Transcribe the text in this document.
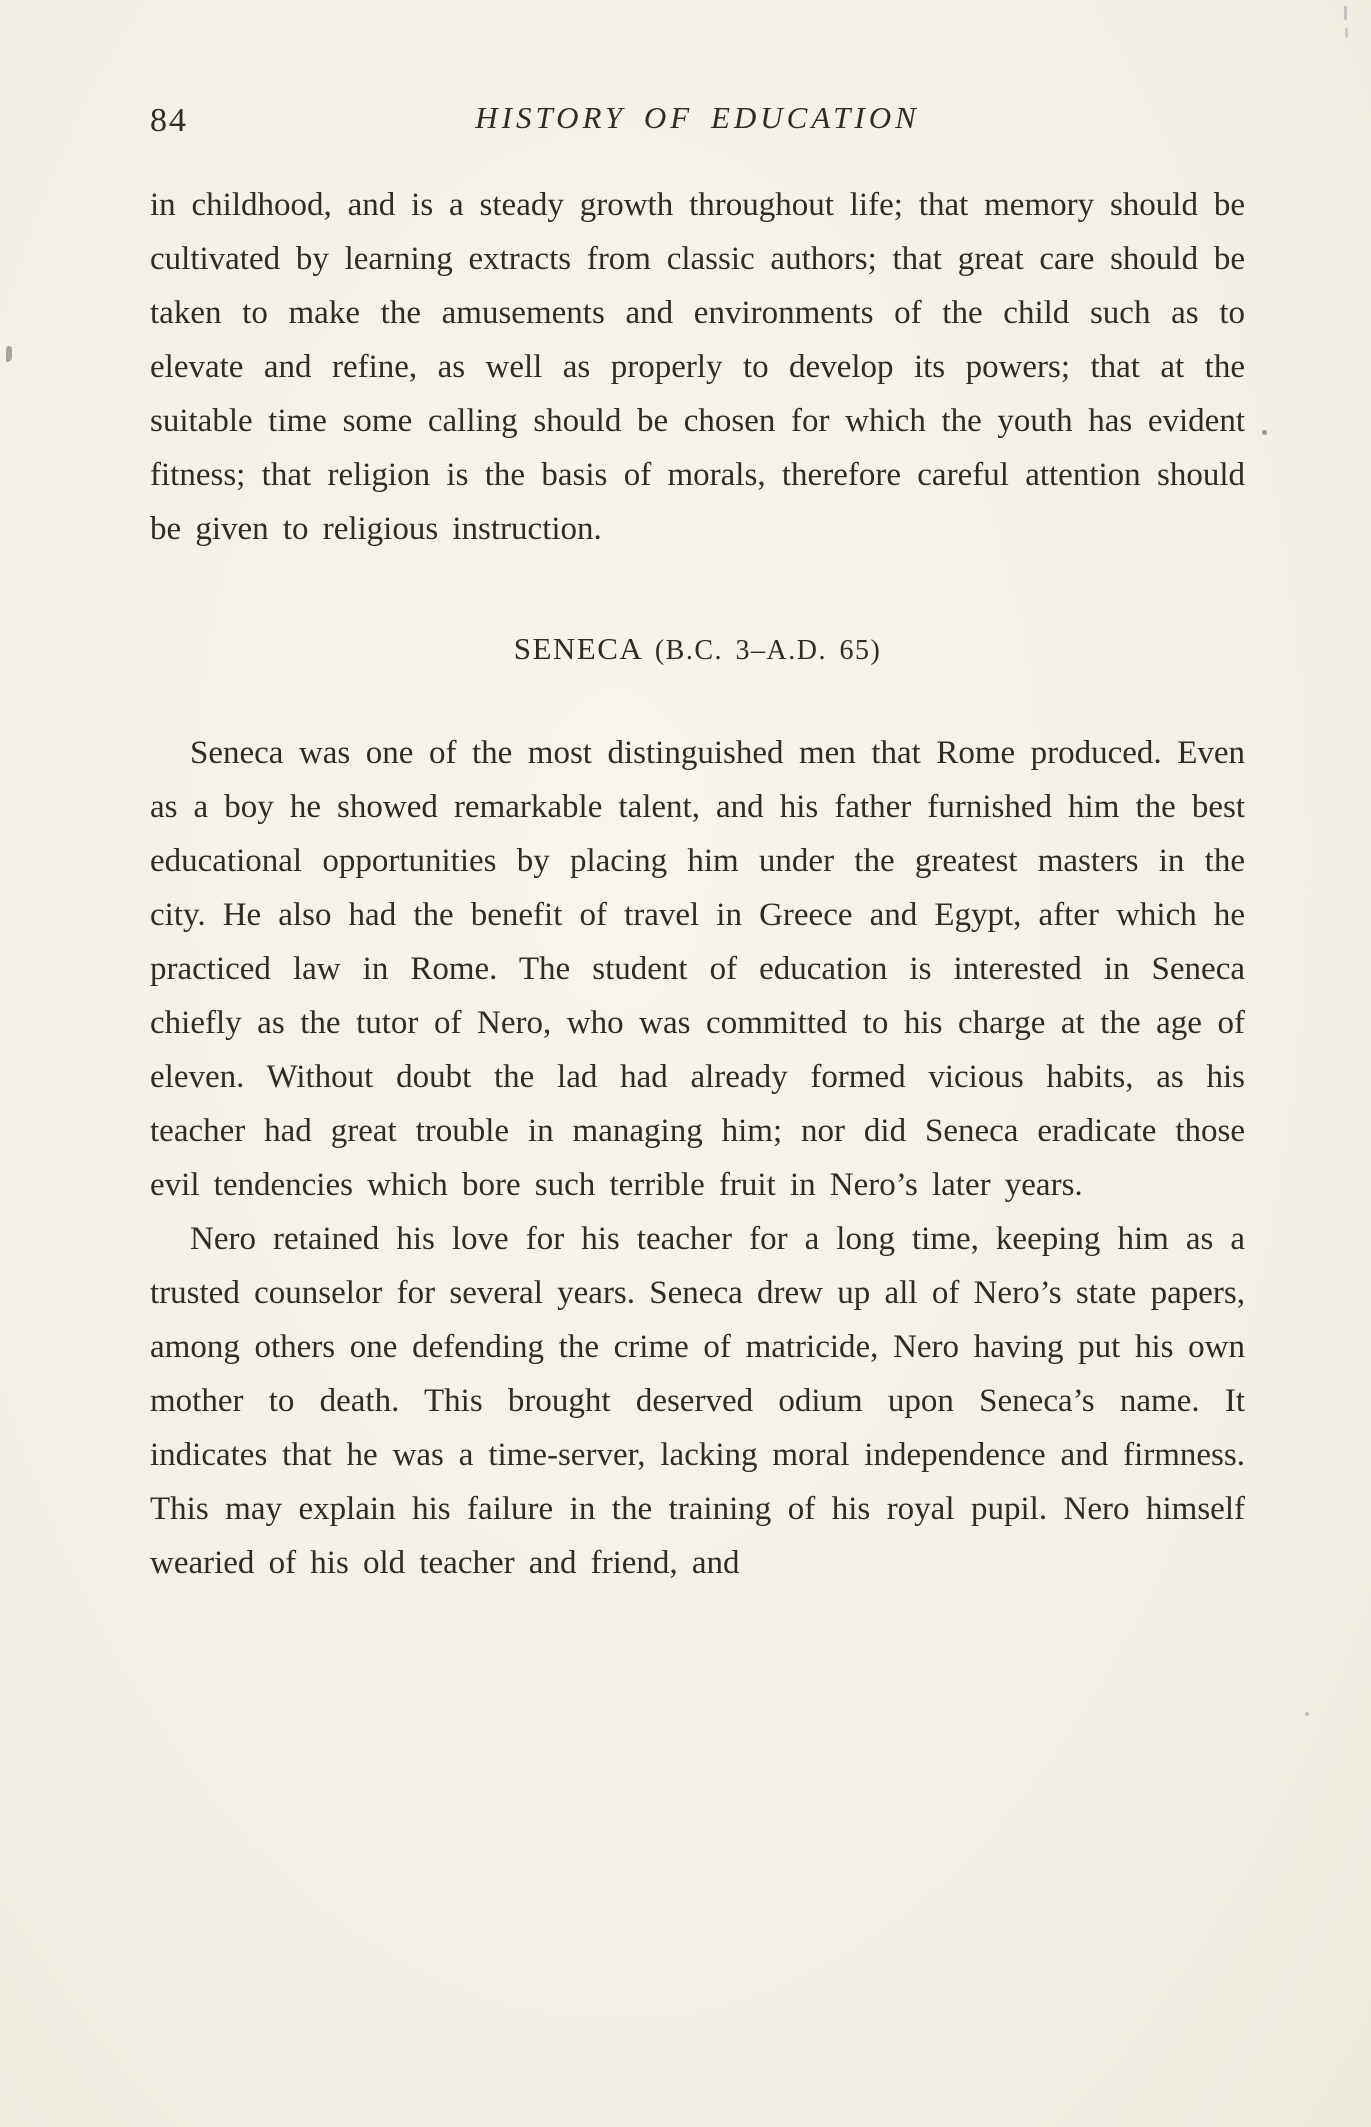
84	HISTORY OF EDUCATION

in childhood, and is a steady growth throughout life; that memory should be cultivated by learning extracts from classic authors; that great care should be taken to make the amusements and environments of the child such as to elevate and refine, as well as properly to develop its powers; that at the suitable time some calling should be chosen for which the youth has evident fitness; that religion is the basis of morals, therefore careful attention should be given to religious instruction.

SENECA (B.C. 3–A.D. 65)

Seneca was one of the most distinguished men that Rome produced. Even as a boy he showed remarkable talent, and his father furnished him the best educational opportunities by placing him under the greatest masters in the city. He also had the benefit of travel in Greece and Egypt, after which he practiced law in Rome. The student of education is interested in Seneca chiefly as the tutor of Nero, who was committed to his charge at the age of eleven. Without doubt the lad had already formed vicious habits, as his teacher had great trouble in managing him; nor did Seneca eradicate those evil tendencies which bore such terrible fruit in Nero’s later years.

Nero retained his love for his teacher for a long time, keeping him as a trusted counselor for several years. Seneca drew up all of Nero’s state papers, among others one defending the crime of matricide, Nero having put his own mother to death. This brought deserved odium upon Seneca’s name. It indicates that he was a time-server, lacking moral independence and firmness. This may explain his failure in the training of his royal pupil. Nero himself wearied of his old teacher and friend, and
